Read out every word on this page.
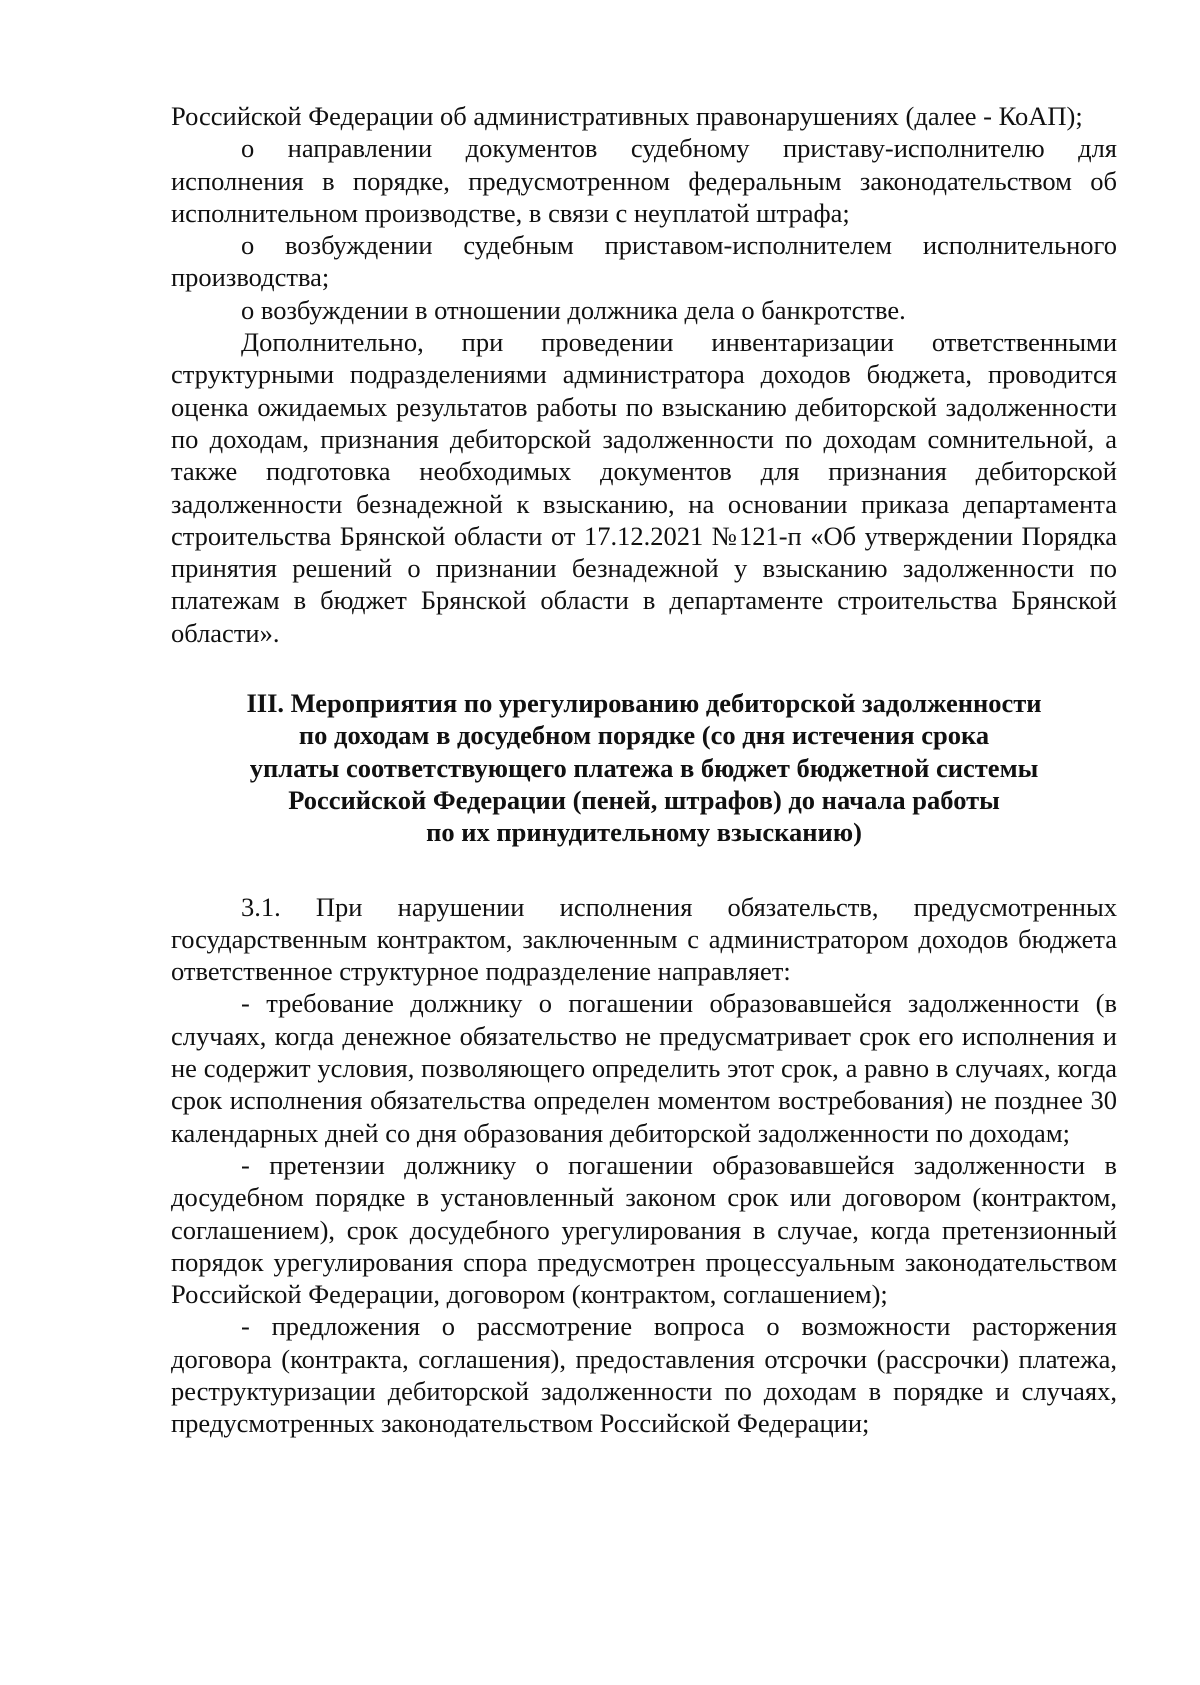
Российской Федерации об административных правонарушениях (далее - КоАП);

о направлении документов судебному приставу-исполнителю для исполнения в порядке, предусмотренном федеральным законодательством об исполнительном производстве, в связи с неуплатой штрафа;

о возбуждении судебным приставом-исполнителем исполнительного производства;

о возбуждении в отношении должника дела о банкротстве.

Дополнительно, при проведении инвентаризации ответственными структурными подразделениями администратора доходов бюджета, проводится оценка ожидаемых результатов работы по взысканию дебиторской задолженности по доходам, признания дебиторской задолженности по доходам сомнительной, а также подготовка необходимых документов для признания дебиторской задолженности безнадежной к взысканию, на основании приказа департамента строительства Брянской области от 17.12.2021 №121-п «Об утверждении Порядка принятия решений о признании безнадежной у взысканию задолженности по платежам в бюджет Брянской области в департаменте строительства Брянской области».

III. Мероприятия по урегулированию дебиторской задолженности
по доходам в досудебном порядке (со дня истечения срока
уплаты соответствующего платежа в бюджет бюджетной системы
Российской Федерации (пеней, штрафов) до начала работы
по их принудительному взысканию)

3.1. При нарушении исполнения обязательств, предусмотренных государственным контрактом, заключенным с администратором доходов бюджета ответственное структурное подразделение направляет:

- требование должнику о погашении образовавшейся задолженности (в случаях, когда денежное обязательство не предусматривает срок его исполнения и не содержит условия, позволяющего определить этот срок, а равно в случаях, когда срок исполнения обязательства определен моментом востребования) не позднее 30 календарных дней со дня образования дебиторской задолженности по доходам;

- претензии должнику о погашении образовавшейся задолженности в досудебном порядке в установленный законом срок или договором (контрактом, соглашением), срок досудебного урегулирования в случае, когда претензионный порядок урегулирования спора предусмотрен процессуальным законодательством Российской Федерации, договором (контрактом, соглашением);

- предложения о рассмотрение вопроса о возможности расторжения договора (контракта, соглашения), предоставления отсрочки (рассрочки) платежа, реструктуризации дебиторской задолженности по доходам в порядке и случаях, предусмотренных законодательством Российской Федерации;
